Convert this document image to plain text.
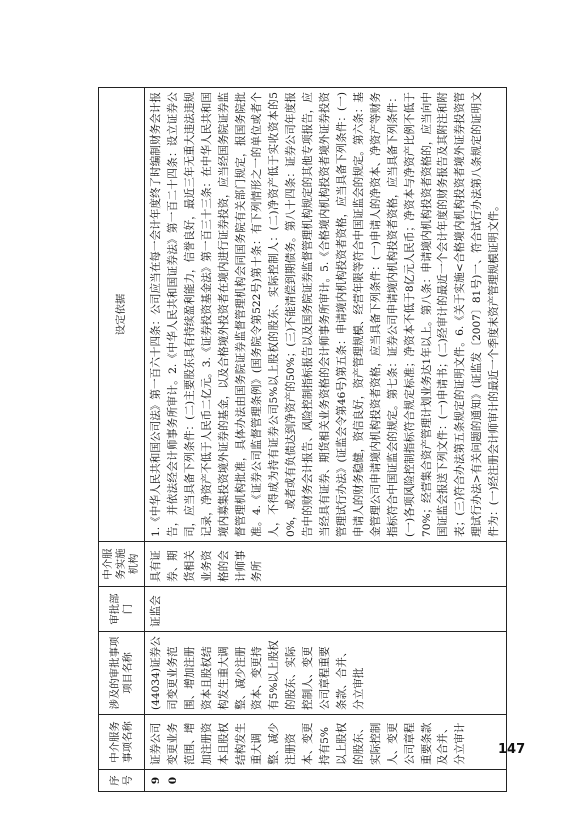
序号	中介服务事项名称	涉及的审批事项项目名称	审批部门	中介服务实施机构	设定依据
90	证券公司变更业务范围、增加注册资本且股权结构发生重大调整、减少注册资本、变更持有5%以上股权的股东、实际控制人、变更公司章程重要条款及合并、分立审计	(44034)证券公司变更业务范围、增加注册资本且股权结构发生重大调整、减少注册资本、变更持有5%以上股权的股东、实际控制人、变更公司章程重要条款、合并、分立审批	证监会	具有证券、期货相关业务资格的会计师事务所	1.《中华人民共和国公司法》第一百六十四条：公司应当在每一会计年度终了时编制财务会计报告，并依法经会计师事务所审计。2.《中华人民共和国证券法》第一百二十四条：设立证券公司，应当具备下列条件：(二)主要股东具有持续盈利能力，信誉良好，最近三年无重大违法违规记录，净资产不低于人民币二亿元。3.《证券投资基金法》第一百三十三条：在中华人民共和国境内募集投资境外证券的基金，以及合格境外投资者在境内进行证券投资，应当经国务院证券监督管理机构批准，具体办法由国务院证券监督管理机构会同国务院有关部门规定，报国务院批准。4.《证券公司监督管理条例》(国务院令第522号)第十条：有下列情形之一的单位或者个人，不得成为持有证券公司5%以上股权的股东、实际控制人：(二)净资产低于实收资本的50%，或者或有负债达到净资产的50%；(三)不能清偿到期债务。第八十四条：证券公司年度报告中的财务会计报告、风险控制指标报告以及国务院证券监督管理机构规定的其他专项报告，应当经具有证券、期货相关业务资格的会计师事务所审计。5.《合格境内机构投资者境外证券投资管理试行办法》(证监会令第46号)第五条：申请境内机构投资者资格，应当具备下列条件：(一)申请人的财务稳健，资信良好，资产管理规模、经营年限等符合中国证监会的规定。第六条：基金管理公司申请境内机构投资者资格，应当具备下列条件：(一)申请人的净资本、净资产等财务指标符合中国证监会的规定。第七条：证券公司申请境内机构投资者资格，应当具备下列条件：(一)各项风险控制指标符合规定标准；净资本不低于8亿元人民币；净资本与净资产比例不低于70%；经营集合资产管理计划业务达1年以上。第八条：申请境内机构投资者资格的，应当向中国证监会报送下列文件：(一)申请书；(二)经审计的最近一个会计年度的财务报告及其附注和附表；(三)符合办法第五条规定的证明文件。6.《关于实施<合格境内机构投资者境外证券投资管理试行办法>有关问题的通知》(证监发〔2007〕81号)一、符合试行办法第八条规定的证明文件为：(一)经注册会计师审计的最近一个季度末资产管理规模证明文件。
147
